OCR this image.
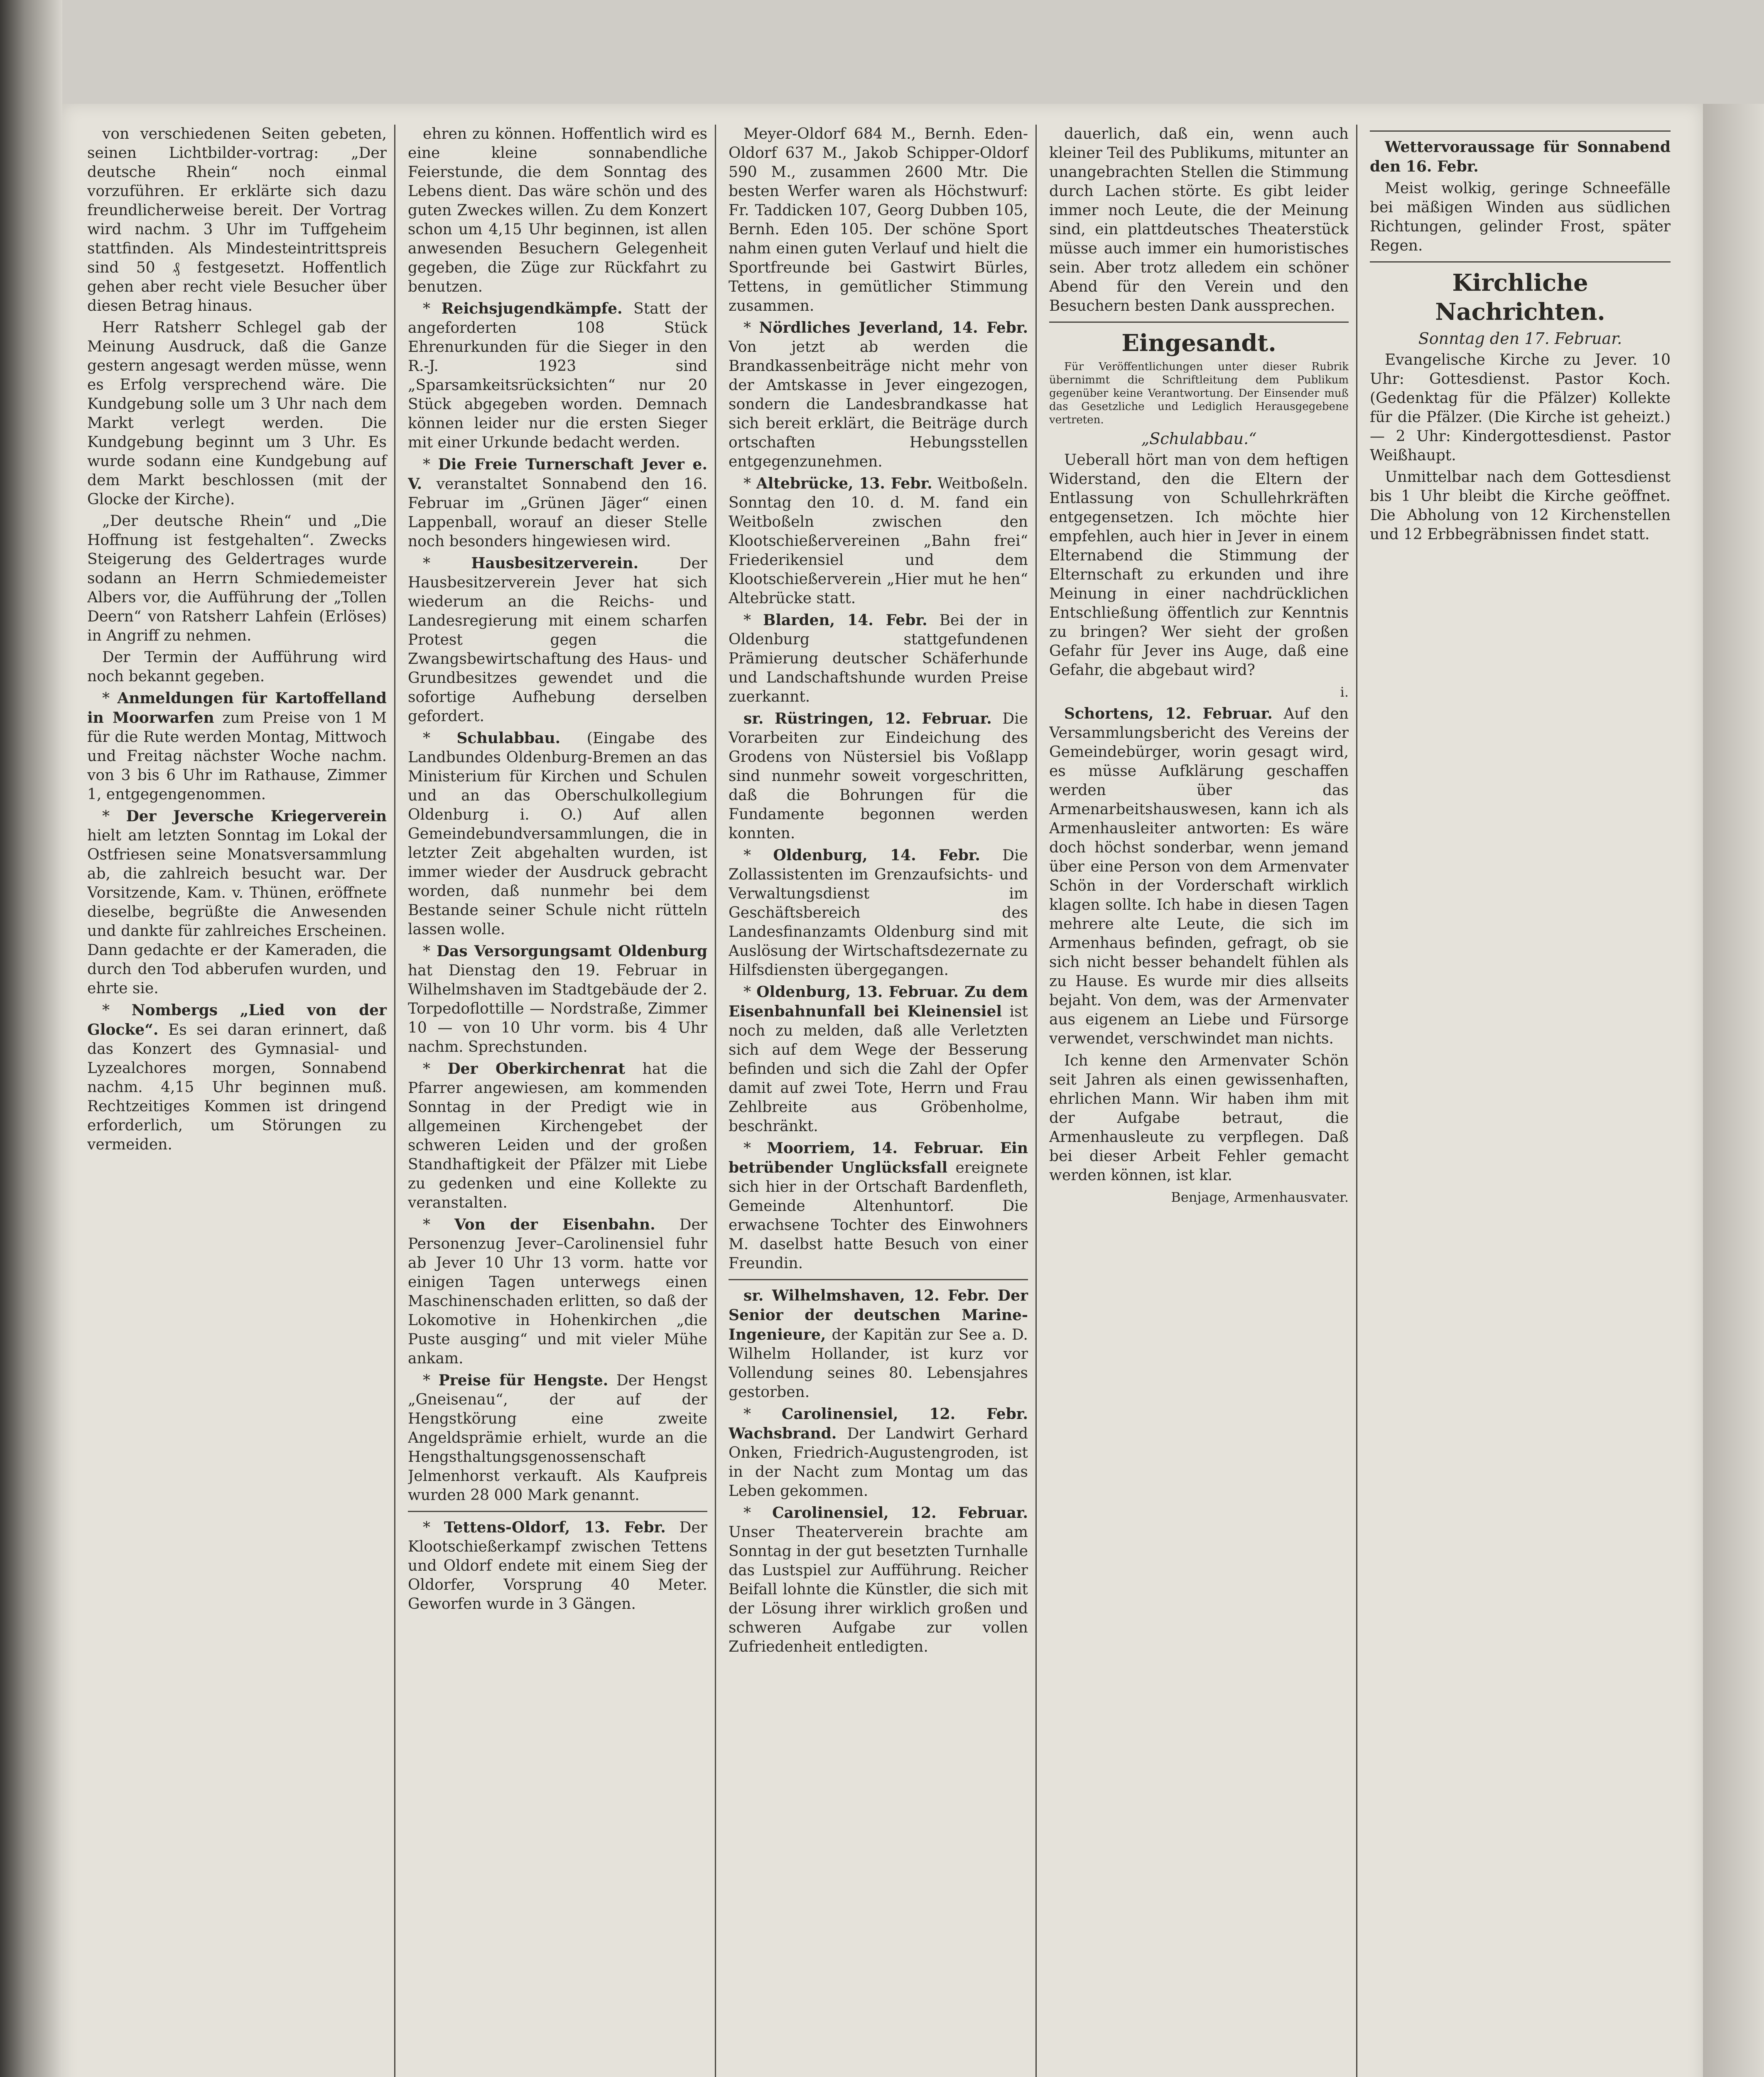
von verschiedenen Seiten gebeten, seinen Lichtbilder-vortrag: „Der deutsche Rhein“ noch einmal vorzuführen. Er erklärte sich dazu freundlicherweise bereit. Der Vortrag wird nachm. 3 Uhr im Tuffgeheim stattfinden. Als Mindesteintrittspreis sind 50 ₰ festgesetzt. Hoffentlich gehen aber recht viele Besucher über diesen Betrag hinaus.

Herr Ratsherr Schlegel gab der Meinung Ausdruck, daß die Ganze gestern angesagt werden müsse, wenn es Erfolg versprechend wäre. Die Kundgebung solle um 3 Uhr nach dem Markt verlegt werden. Die Kundgebung beginnt um 3 Uhr. Es wurde sodann eine Kundgebung auf dem Markt beschlossen (mit der Glocke der Kirche).

„Der deutsche Rhein“ und „Die Hoffnung ist festgehalten“. Zwecks Steigerung des Geldertrages wurde sodann an Herrn Schmiedemeister Albers vor, die Aufführung der „Tollen Deern“ von Ratsherr Lahfein (Erlöses) in Angriff zu nehmen.

Der Termin der Aufführung wird noch bekannt gegeben.

* Anmeldungen für Kartoffelland in Moorwarfen zum Preise von 1 M für die Rute werden Montag, Mittwoch und Freitag nächster Woche nachm. von 3 bis 6 Uhr im Rathause, Zimmer 1, entgegengenommen.

* Der Jeversche Kriegerverein hielt am letzten Sonntag im Lokal der Ostfriesen seine Monatsversammlung ab, die zahlreich besucht war. Der Vorsitzende, Kam. v. Thünen, eröffnete dieselbe, begrüßte die Anwesenden und dankte für zahlreiches Erscheinen. Dann gedachte er der Kameraden, die durch den Tod abberufen wurden, und ehrte sie.

* Nombergs „Lied von der Glocke“. Es sei daran erinnert, daß das Konzert des Gymnasial- und Lyzealchores morgen, Sonnabend nachm. 4,15 Uhr beginnen muß. Rechtzeitiges Kommen ist dringend erforderlich, um Störungen zu vermeiden.

ehren zu können. Hoffentlich wird es eine kleine sonnabendliche Feierstunde, die dem Sonntag des Lebens dient. Das wäre schön und des guten Zweckes willen. Zu dem Konzert schon um 4,15 Uhr beginnen, ist allen anwesenden Besuchern Gelegenheit gegeben, die Züge zur Rückfahrt zu benutzen.

* Reichsjugendkämpfe. Statt der angeforderten 108 Stück Ehrenurkunden für die Sieger in den R.-J. 1923 sind „Sparsamkeitsrücksichten“ nur 20 Stück abgegeben worden. Demnach können leider nur die ersten Sieger mit einer Urkunde bedacht werden.

* Die Freie Turnerschaft Jever e. V. veranstaltet Sonnabend den 16. Februar im „Grünen Jäger“ einen Lappenball, worauf an dieser Stelle noch besonders hingewiesen wird.

* Hausbesitzerverein.	Der Hausbesitzerverein Jever hat sich wiederum an die Reichs- und Landesregierung mit einem scharfen Protest gegen die Zwangsbewirtschaftung des Haus- und Grundbesitzes gewendet und die sofortige Aufhebung derselben gefordert.

* Schulabbau. (Eingabe des Landbundes Oldenburg-Bremen an das Ministerium für Kirchen und Schulen und an das Oberschulkollegium Oldenburg i. O.) Auf allen Gemeindebundversammlungen, die in letzter Zeit abgehalten wurden, ist immer wieder der Ausdruck gebracht worden, daß nunmehr bei dem Bestande seiner Schule nicht rütteln lassen wolle.

* Das Versorgungsamt Oldenburg hat Dienstag den 19. Februar in Wilhelmshaven im Stadtgebäude der 2. Torpedoflottille — Nordstraße, Zimmer 10 — von 10 Uhr vorm. bis 4 Uhr nachm. Sprechstunden.

* Der Oberkirchenrat hat die Pfarrer angewiesen, am kommenden Sonntag in der Predigt wie in allgemeinen Kirchengebet der schweren Leiden und der großen Standhaftigkeit der Pfälzer mit Liebe zu gedenken und eine Kollekte zu veranstalten.

* Von der Eisenbahn. Der Personenzug Jever–Carolinensiel fuhr ab Jever 10 Uhr 13 vorm. hatte vor einigen Tagen unterwegs einen Maschinenschaden erlitten, so daß der Lokomotive in Hohenkirchen „die Puste ausging“ und mit vieler Mühe ankam.

* Preise für Hengste. Der Hengst „Gneisenau“, der auf der Hengstkörung eine zweite Angeldsprämie erhielt, wurde an die Hengsthaltungsgenossenschaft Jelmenhorst verkauft. Als Kaufpreis wurden 28 000 Mark genannt.

* Tettens-Oldorf, 13. Febr. Der Klootschießerkampf zwischen Tettens und Oldorf endete mit einem Sieg der Oldorfer, Vorsprung 40 Meter. Geworfen wurde in 3 Gängen.

Meyer-Oldorf 684 M., Bernh. Eden-Oldorf 637 M., Jakob Schipper-Oldorf 590 M., zusammen 2600 Mtr. Die besten Werfer waren als Höchstwurf: Fr. Taddicken 107, Georg Dubben 105, Bernh. Eden 105. Der schöne Sport nahm einen guten Verlauf und hielt die Sportfreunde bei Gastwirt Bürles, Tettens, in gemütlicher Stimmung zusammen.

* Nördliches Jeverland, 14. Febr. Von jetzt ab werden die Brandkassenbeiträge nicht mehr von der Amtskasse in Jever eingezogen, sondern die Landesbrandkasse hat sich bereit erklärt, die Beiträge durch ortschaften Hebungsstellen entgegenzunehmen.

* Altebrücke, 13. Febr. Weitboßeln. Sonntag den 10. d. M. fand ein Weitboßeln zwischen den Klootschießervereinen „Bahn frei“ Friederikensiel und dem Klootschießerverein „Hier mut he hen“ Altebrücke statt.

* Blarden, 14. Febr. Bei der in Oldenburg stattgefundenen Prämierung deutscher Schäferhunde und Landschaftshunde wurden Preise zuerkannt.

sr. Rüstringen, 12. Februar. Die Vorarbeiten zur Eindeichung des Grodens von Nüstersiel bis Voßlapp sind nunmehr soweit vorgeschritten, daß die Bohrungen für die Fundamente begonnen werden konnten.

* Oldenburg, 14. Febr. Die Zollassistenten im Grenzaufsichts- und Verwaltungsdienst im Geschäftsbereich des Landesfinanzamts Oldenburg sind mit Auslösung der Wirtschaftsdezernate zu Hilfsdiensten übergegangen.

* Oldenburg, 13. Februar. Zu dem Eisenbahnunfall bei Kleinensiel ist noch zu melden, daß alle Verletzten sich auf dem Wege der Besserung befinden und sich die Zahl der Opfer damit auf zwei Tote, Herrn und Frau Zehlbreite aus Gröbenholme, beschränkt.

* Moorriem, 14. Februar. Ein betrübender Unglücksfall ereignete sich hier in der Ortschaft Bardenfleth, Gemeinde Altenhuntorf. Die erwachsene Tochter des Einwohners M. daselbst hatte Besuch von einer Freundin.

sr. Wilhelmshaven, 12. Febr. Der Senior der deutschen Marine-Ingenieure, der Kapitän zur See a. D. Wilhelm Hollander, ist kurz vor Vollendung seines 80. Lebensjahres gestorben.

* Carolinensiel, 12. Febr. Wachsbrand. Der Landwirt Gerhard Onken, Friedrich-Augustengroden, ist in der Nacht zum Montag um das Leben gekommen.

* Carolinensiel, 12. Februar. Unser Theaterverein brachte am Sonntag in der gut besetzten Turnhalle das Lustspiel zur Aufführung. Reicher Beifall lohnte die Künstler, die sich mit der Lösung ihrer wirklich großen und schweren Aufgabe zur vollen Zufriedenheit entledigten.

dauerlich, daß ein, wenn auch kleiner Teil des Publikums, mitunter an unangebrachten Stellen die Stimmung durch Lachen störte. Es gibt leider immer noch Leute, die der Meinung sind, ein plattdeutsches Theaterstück müsse auch immer ein humoristisches sein. Aber trotz alledem ein schöner Abend für den Verein und den Besuchern besten Dank aussprechen.

Eingesandt.

Für Veröffentlichungen unter dieser Rubrik übernimmt die Schriftleitung dem Publikum gegenüber keine Verantwortung. Der Einsender muß das Gesetzliche und Lediglich Herausgegebene vertreten.

„Schulabbau.“

Ueberall hört man von dem heftigen Widerstand, den die Eltern der Entlassung von Schullehrkräften entgegensetzen. Ich möchte hier empfehlen, auch hier in Jever in einem Elternabend die Stimmung der Elternschaft zu erkunden und ihre Meinung in einer nachdrücklichen Entschließung öffentlich zur Kenntnis zu bringen? Wer sieht der großen Gefahr für Jever ins Auge, daß eine Gefahr, die abgebaut wird?

i.

Schortens, 12. Februar. Auf den Versammlungsbericht des Vereins der Gemeindebürger, worin gesagt wird, es müsse Aufklärung geschaffen werden über das Armenarbeitshauswesen, kann ich als Armenhausleiter antworten: Es wäre doch höchst sonderbar, wenn jemand über eine Person von dem Armenvater Schön in der Vorderschaft wirklich klagen sollte. Ich habe in diesen Tagen mehrere alte Leute, die sich im Armenhaus befinden, gefragt, ob sie sich nicht besser behandelt fühlen als zu Hause. Es wurde mir dies allseits bejaht. Von dem, was der Armenvater aus eigenem an Liebe und Fürsorge verwendet, verschwindet man nichts.

Ich kenne den Armenvater Schön seit Jahren als einen gewissenhaften, ehrlichen Mann. Wir haben ihm mit der Aufgabe betraut, die Armenhausleute zu verpflegen. Daß bei dieser Arbeit Fehler gemacht werden können, ist klar.

Benjage, Armenhausvater.

Wettervoraussage für Sonnabend den 16. Febr.

Meist wolkig, geringe Schneefälle bei mäßigen Winden aus südlichen Richtungen, gelinder Frost, später Regen.

Kirchliche Nachrichten.

Sonntag den 17. Februar.

Evangelische Kirche zu Jever. 10 Uhr: Gottesdienst. Pastor Koch. (Gedenktag für die Pfälzer) Kollekte für die Pfälzer. (Die Kirche ist geheizt.) — 2 Uhr: Kindergottesdienst. Pastor Weißhaupt.

Unmittelbar nach dem Gottesdienst bis 1 Uhr bleibt die Kirche geöffnet. Die Abholung von 12 Kirchenstellen und 12 Erbbegräbnissen findet statt.
